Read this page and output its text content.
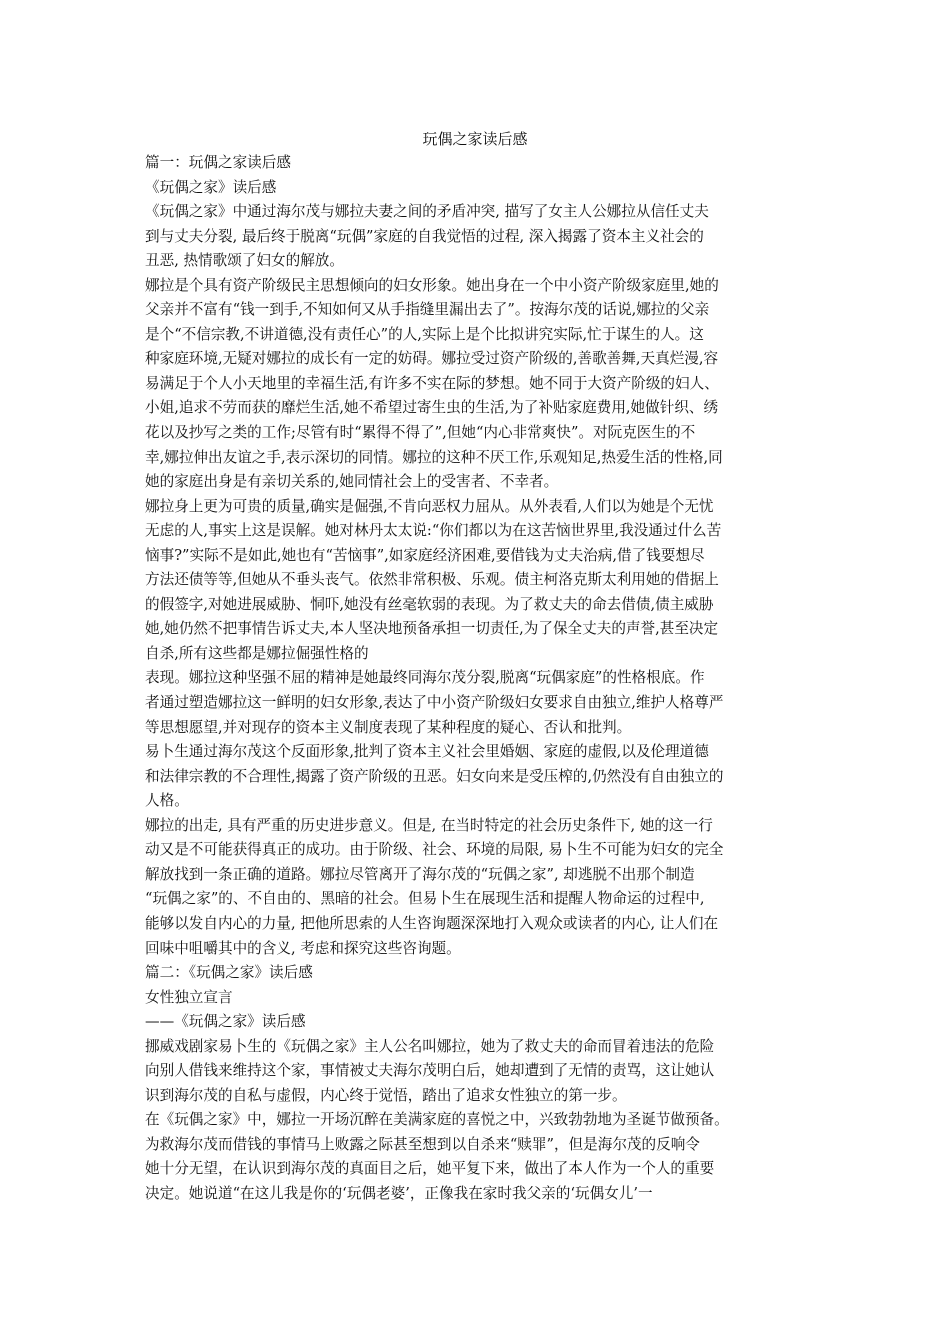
玩偶之家读后感
篇一：玩偶之家读后感
《玩偶之家》读后感
《玩偶之家》中通过海尔茂与娜拉夫妻之间的矛盾冲突, 描写了女主人公娜拉从信任丈夫
到与丈夫分裂, 最后终于脱离“玩偶”家庭的自我觉悟的过程, 深入揭露了资本主义社会的
丑恶, 热情歌颂了妇女的解放。
娜拉是个具有资产阶级民主思想倾向的妇女形象。她出身在一个中小资产阶级家庭里,她的
父亲并不富有“钱一到手,不知如何又从手指缝里漏出去了”。按海尔茂的话说,娜拉的父亲
是个“不信宗教,不讲道德,没有责任心”的人,实际上是个比拟讲究实际,忙于谋生的人。这
种家庭环境,无疑对娜拉的成长有一定的妨碍。娜拉受过资产阶级的,善歌善舞,天真烂漫,容
易满足于个人小天地里的幸福生活,有许多不实在际的梦想。她不同于大资产阶级的妇人、
小姐,追求不劳而获的靡烂生活,她不希望过寄生虫的生活,为了补贴家庭费用,她做针织、绣
花以及抄写之类的工作;尽管有时“累得不得了”,但她“内心非常爽快”。对阮克医生的不
幸,娜拉伸出友谊之手,表示深切的同情。娜拉的这种不厌工作,乐观知足,热爱生活的性格,同
她的家庭出身是有亲切关系的,她同情社会上的受害者、不幸者。
娜拉身上更为可贵的质量,确实是倔强,不肯向恶权力屈从。从外表看,人们以为她是个无忧
无虑的人,事实上这是误解。她对林丹太太说:“你们都以为在这苦恼世界里,我没通过什么苦
恼事?”实际不是如此,她也有“苦恼事”,如家庭经济困难,要借钱为丈夫治病,借了钱要想尽
方法还债等等,但她从不垂头丧气。依然非常积极、乐观。债主柯洛克斯太利用她的借据上
的假签字,对她进展威胁、恫吓,她没有丝毫软弱的表现。为了救丈夫的命去借债,债主威胁
她,她仍然不把事情告诉丈夫,本人坚决地预备承担一切责任,为了保全丈夫的声誉,甚至决定
自杀,所有这些都是娜拉倔强性格的
表现。娜拉这种坚强不屈的精神是她最终同海尔茂分裂,脱离“玩偶家庭”的性格根底。作
者通过塑造娜拉这一鲜明的妇女形象,表达了中小资产阶级妇女要求自由独立,维护人格尊严
等思想愿望,并对现存的资本主义制度表现了某种程度的疑心、否认和批判。
易卜生通过海尔茂这个反面形象,批判了资本主义社会里婚姻、家庭的虚假,以及伦理道德
和法律宗教的不合理性,揭露了资产阶级的丑恶。妇女向来是受压榨的,仍然没有自由独立的
人格。
娜拉的出走, 具有严重的历史进步意义。但是, 在当时特定的社会历史条件下, 她的这一行
动又是不可能获得真正的成功。由于阶级、社会、环境的局限, 易卜生不可能为妇女的完全
解放找到一条正确的道路。娜拉尽管离开了海尔茂的“玩偶之家”, 却逃脱不出那个制造
“玩偶之家”的、不自由的、黑暗的社会。但易卜生在展现生活和提醒人物命运的过程中,
能够以发自内心的力量, 把他所思索的人生咨询题深深地打入观众或读者的内心, 让人们在
回味中咀嚼其中的含义, 考虑和探究这些咨询题。
篇二：《玩偶之家》读后感
女性独立宣言
——《玩偶之家》读后感
挪威戏剧家易卜生的《玩偶之家》主人公名叫娜拉，她为了救丈夫的命而冒着违法的危险
向别人借钱来维持这个家，事情被丈夫海尔茂明白后，她却遭到了无情的责骂，这让她认
识到海尔茂的自私与虚假，内心终于觉悟，踏出了追求女性独立的第一步。
在《玩偶之家》中，娜拉一开场沉醉在美满家庭的喜悦之中，兴致勃勃地为圣诞节做预备。
为救海尔茂而借钱的事情马上败露之际甚至想到以自杀来“赎罪”，但是海尔茂的反响令
她十分无望，在认识到海尔茂的真面目之后，她平复下来，做出了本人作为一个人的重要
决定。她说道“在这儿我是你的‘玩偶老婆’，正像我在家时我父亲的‘玩偶女儿’一
